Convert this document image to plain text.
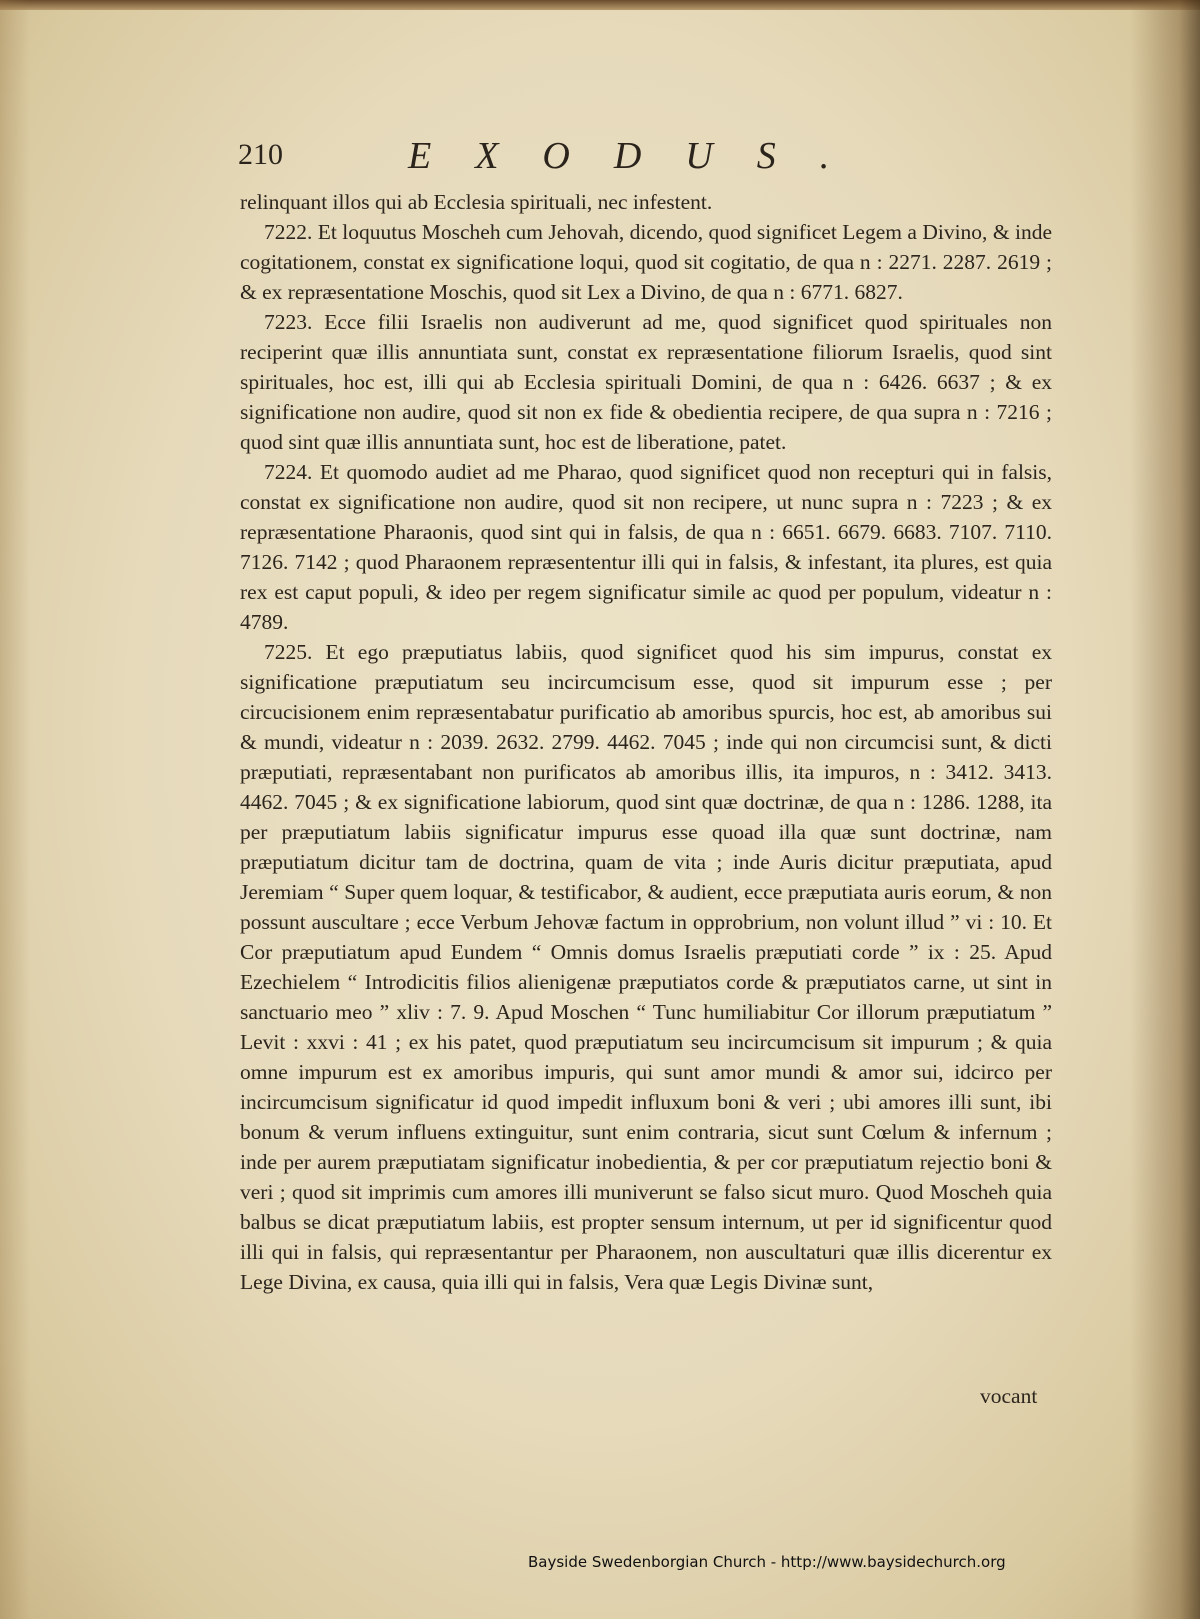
210	EXODUS.

relinquant illos qui ab Ecclesia spirituali, nec infestent.

7222. Et loquutus Moscheh cum Jehovah, dicendo, quod significet Legem a Divino, & inde cogitationem, constat ex significatione loqui, quod sit cogitatio, de qua n : 2271. 2287. 2619 ; & ex repræsentatione Moschis, quod sit Lex a Divino, de qua n : 6771. 6827.

7223. Ecce filii Israelis non audiverunt ad me, quod significet quod spirituales non reciperint quæ illis annuntiata sunt, constat ex repræsentatione filiorum Israelis, quod sint spirituales, hoc est, illi qui ab Ecclesia spirituali Domini, de qua n : 6426. 6637 ; & ex significatione non audire, quod sit non ex fide & obedientia recipere, de qua supra n : 7216 ; quod sint quæ illis annuntiata sunt, hoc est de liberatione, patet.

7224. Et quomodo audiet ad me Pharao, quod significet quod non recepturi qui in falsis, constat ex significatione non audire, quod sit non recipere, ut nunc supra n : 7223 ; & ex repræsentatione Pharaonis, quod sint qui in falsis, de qua n : 6651. 6679. 6683. 7107. 7110. 7126. 7142 ; quod Pharaonem repræsententur illi qui in falsis, & infestant, ita plures, est quia rex est caput populi, & ideo per regem significatur simile ac quod per populum, videatur n : 4789.

7225. Et ego præputiatus labiis, quod significet quod his sim impurus, constat ex significatione præputiatum seu incircumcisum esse, quod sit impurum esse ; per circucisionem enim repræsentabatur purificatio ab amoribus spurcis, hoc est, ab amoribus sui & mundi, videatur n : 2039. 2632. 2799. 4462. 7045 ; inde qui non circumcisi sunt, & dicti præputiati, repræsentabant non purificatos ab amoribus illis, ita impuros, n : 3412. 3413. 4462. 7045 ; & ex significatione labiorum, quod sint quæ doctrinæ, de qua n : 1286. 1288, ita per præputiatum labiis significatur impurus esse quoad illa quæ sunt doctrinæ, nam præputiatum dicitur tam de doctrina, quam de vita ; inde Auris dicitur præputiata, apud Jeremiam “ Super quem loquar, & testificabor, & audient, ecce præputiata auris eorum, & non possunt auscultare ; ecce Verbum Jehovæ factum in opprobrium, non volunt illud ” vi : 10. Et Cor præputiatum apud Eundem “ Omnis domus Israelis præputiati corde ” ix : 25. Apud Ezechielem “ Introdicitis filios alienigenæ præputiatos corde & præputiatos carne, ut sint in sanctuario meo ” xliv : 7. 9. Apud Moschen “ Tunc humiliabitur Cor illorum præputiatum ” Levit : xxvi : 41 ; ex his patet, quod præputiatum seu incircumcisum sit impurum ; & quia omne impurum est ex amoribus impuris, qui sunt amor mundi & amor sui, idcirco per incircumcisum significatur id quod impedit influxum boni & veri ; ubi amores illi sunt, ibi bonum & verum influens extinguitur, sunt enim contraria, sicut sunt Cœlum & infernum ; inde per aurem præputiatam significatur inobedientia, & per cor præputiatum rejectio boni & veri ; quod sit imprimis cum amores illi muniverunt se falso sicut muro. Quod Moscheh quia balbus se dicat præputiatum labiis, est propter sensum internum, ut per id significentur quod illi qui in falsis, qui repræsentantur per Pharaonem, non auscultaturi quæ illis dicerentur ex Lege Divina, ex causa, quia illi qui in falsis, Vera quæ Legis Divinæ sunt,

vocant
Bayside Swedenborgian Church - http://www.baysidechurch.org
